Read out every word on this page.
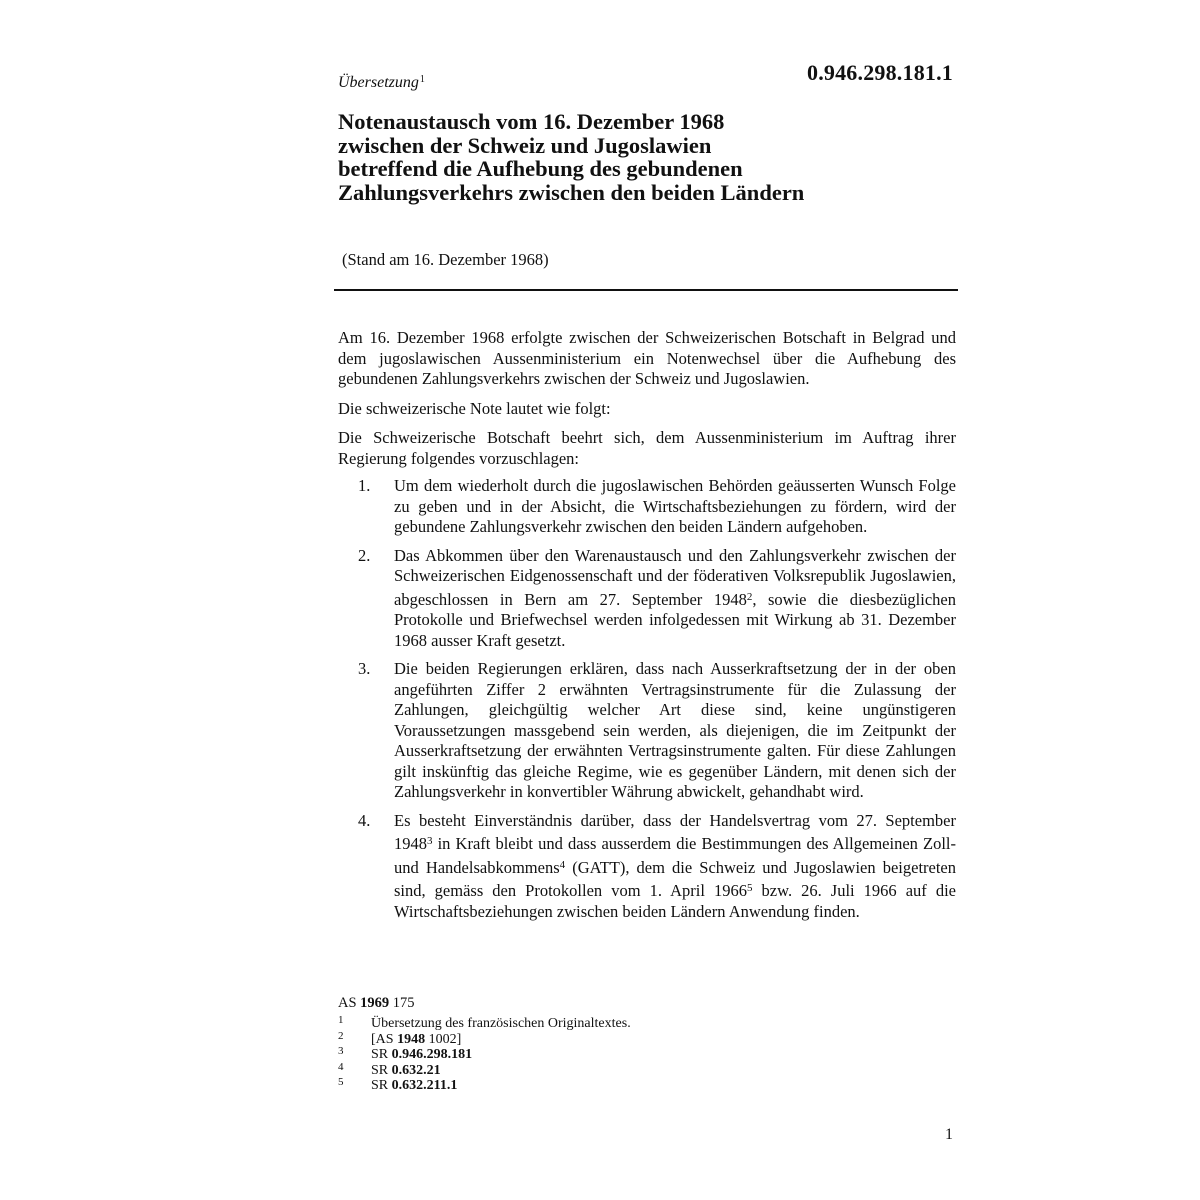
0.946.298.181.1
Übersetzung$^1$
Notenaustausch vom 16. Dezember 1968
zwischen der Schweiz und Jugoslawien
betreffend die Aufhebung des gebundenen
Zahlungsverkehrs zwischen den beiden Ländern
(Stand am 16. Dezember 1968)

Am 16. Dezember 1968 erfolgte zwischen der Schweizerischen Botschaft in Belgrad und dem jugoslawischen Aussenministerium ein Notenwechsel über die Aufhebung des gebundenen Zahlungsverkehrs zwischen der Schweiz und Jugoslawien.

Die schweizerische Note lautet wie folgt:

Die Schweizerische Botschaft beehrt sich, dem Aussenministerium im Auftrag ihrer Regierung folgendes vorzuschlagen:

1. Um dem wiederholt durch die jugoslawischen Behörden geäusserten Wunsch Folge zu geben und in der Absicht, die Wirtschaftsbeziehungen zu fördern, wird der gebundene Zahlungsverkehr zwischen den beiden Ländern aufgehoben.
2. Das Abkommen über den Warenaustausch und den Zahlungsverkehr zwischen der Schweizerischen Eidgenossenschaft und der föderativen Volksrepublik Jugoslawien, abgeschlossen in Bern am 27. September 1948$^2$, sowie die diesbezüglichen Protokolle und Briefwechsel werden infolgedessen mit Wirkung ab 31. Dezember 1968 ausser Kraft gesetzt.
3. Die beiden Regierungen erklären, dass nach Ausserkraftsetzung der in der oben angeführten Ziffer 2 erwähnten Vertragsinstrumente für die Zulassung der Zahlungen, gleichgültig welcher Art diese sind, keine ungünstigeren Voraussetzungen massgebend sein werden, als diejenigen, die im Zeitpunkt der Ausserkraftsetzung der erwähnten Vertragsinstrumente galten. Für diese Zahlungen gilt inskünftig das gleiche Regime, wie es gegenüber Ländern, mit denen sich der Zahlungsverkehr in konvertibler Währung abwickelt, gehandhabt wird.
4. Es besteht Einverständnis darüber, dass der Handelsvertrag vom 27. September 1948$^3$ in Kraft bleibt und dass ausserdem die Bestimmungen des Allgemeinen Zoll- und Handelsabkommens$^4$ (GATT), dem die Schweiz und Jugoslawien beigetreten sind, gemäss den Protokollen vom 1. April 1966$^5$ bzw. 26. Juli 1966 auf die Wirtschaftsbeziehungen zwischen beiden Ländern Anwendung finden.
AS 1969 175
1 Übersetzung des französischen Originaltextes.
2 [AS 1948 1002]
3 SR 0.946.298.181
4 SR 0.632.21
5 SR 0.632.211.1
1
